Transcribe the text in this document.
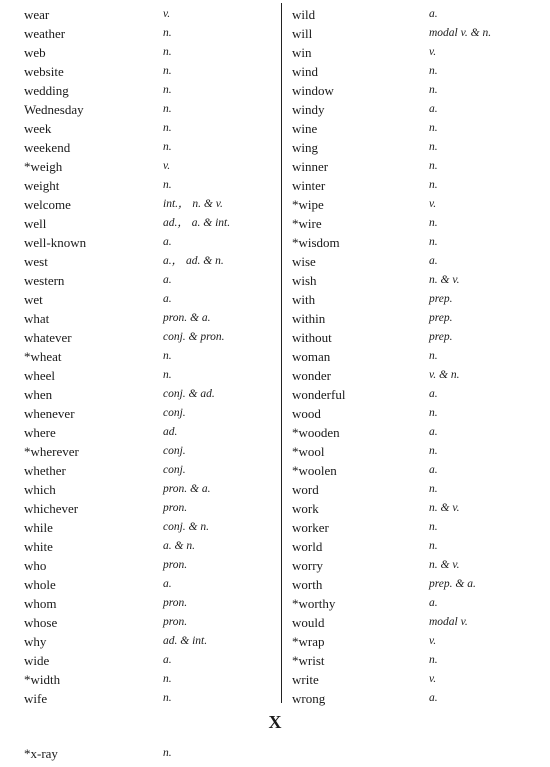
wear	v.
weather	n.
web	n.
website	n.
wedding	n.
Wednesday	n.
week	n.
weekend	n.
*weigh	v.
weight	n.
welcome	int.， n. & v.
well	ad.， a. & int.
well-known	a.
west	a.， ad. & n.
western	a.
wet	a.
what	pron. & a.
whatever	conj. & pron.
*wheat	n.
wheel	n.
when	conj. & ad.
whenever	conj.
where	ad.
*wherever	conj.
whether	conj.
which	pron. & a.
whichever	pron.
while	conj. & n.
white	a. & n.
who	pron.
whole	a.
whom	pron.
whose	pron.
why	ad. & int.
wide	a.
*width	n.
wife	n.
wild	a.
will	modal v. & n.
win	v.
wind	n.
window	n.
windy	a.
wine	n.
wing	n.
winner	n.
winter	n.
*wipe	v.
*wire	n.
*wisdom	n.
wise	a.
wish	n. & v.
with	prep.
within	prep.
without	prep.
woman	n.
wonder	v. & n.
wonderful	a.
wood	n.
*wooden	a.
*wool	n.
*woolen	a.
word	n.
work	n. & v.
worker	n.
world	n.
worry	n. & v.
worth	prep. & a.
*worthy	a.
would	modal v.
*wrap	v.
*wrist	n.
write	v.
wrong	a.
X
*x-ray	n.
